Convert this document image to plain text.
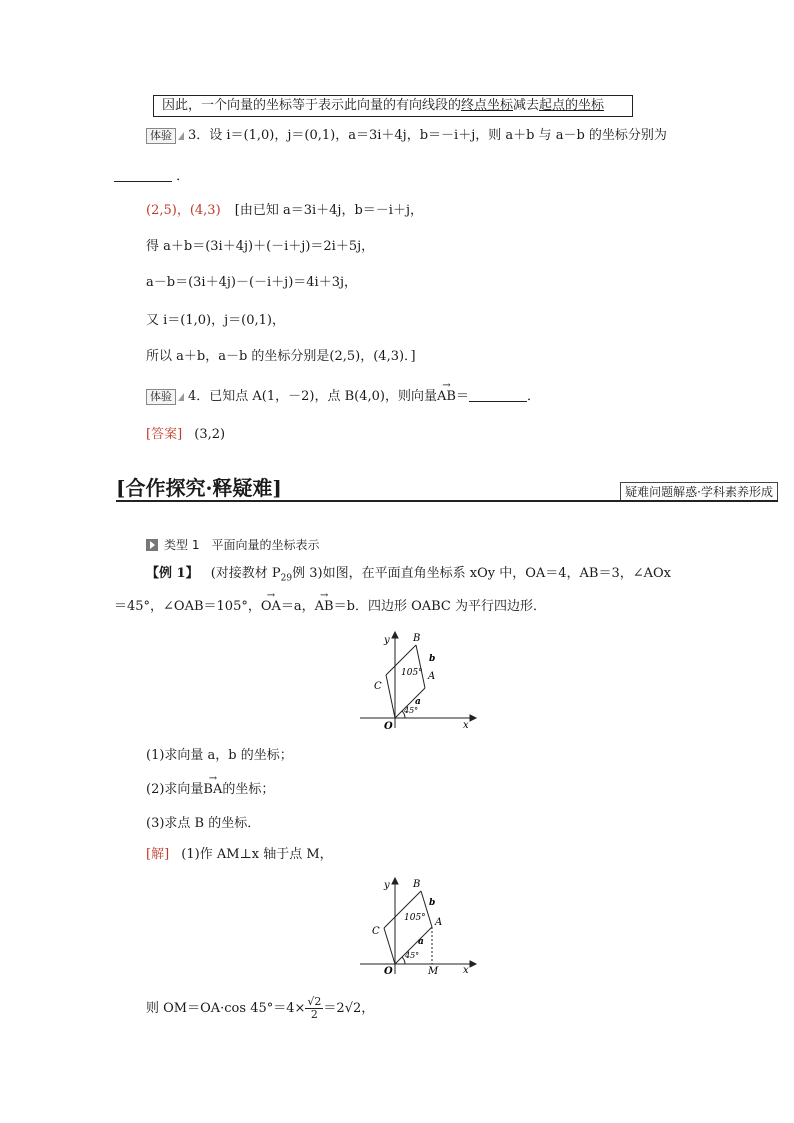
因此，一个向量的坐标等于表示此向量的有向线段的终点坐标减去起点的坐标
体验 3．设 i＝(1,0)，j＝(0,1)，a＝3i＋4j，b＝－i＋j，则 a＋b 与 a－b 的坐标分别为
．
(2,5)，(4,3) [由已知 a＝3i＋4j，b＝－i＋j，
得 a＋b＝(3i＋4j)＋(－i＋j)＝2i＋5j，
a－b＝(3i＋4j)－(－i＋j)＝4i＋3j，
又 i＝(1,0)，j＝(0,1)，
所以 a＋b，a－b 的坐标分别是(2,5)，(4,3)．]
体验 4．已知点 A(1，－2)，点 B(4,0)，则向量→ AB＝	．
[答案] (3,2)
[合作探究·释疑难]	疑难问题解惑·学科素养形成
类型 1　平面向量的坐标表示
【例 1】 (对接教材 $P_{29}$例 3)如图，在平面直角坐标系 xOy 中，OA＝4，AB＝3，∠AOx
＝45°，∠OAB＝105°，→ OA＝a，→ AB＝b．四边形 OABC 为平行四边形．
y
x
O
A
B
C
a
b
105°
45°
(1)求向量 a，b 的坐标；
(2)求向量→ BA的坐标；
(3)求点 B 的坐标．
[解] (1)作 AM⊥x 轴于点 M，
y
x
O
A
B
C
M
a
b
105°
45°
则 OM＝OA·cos $45^\circ=4\times \frac{√2}{2} =2√2$，
